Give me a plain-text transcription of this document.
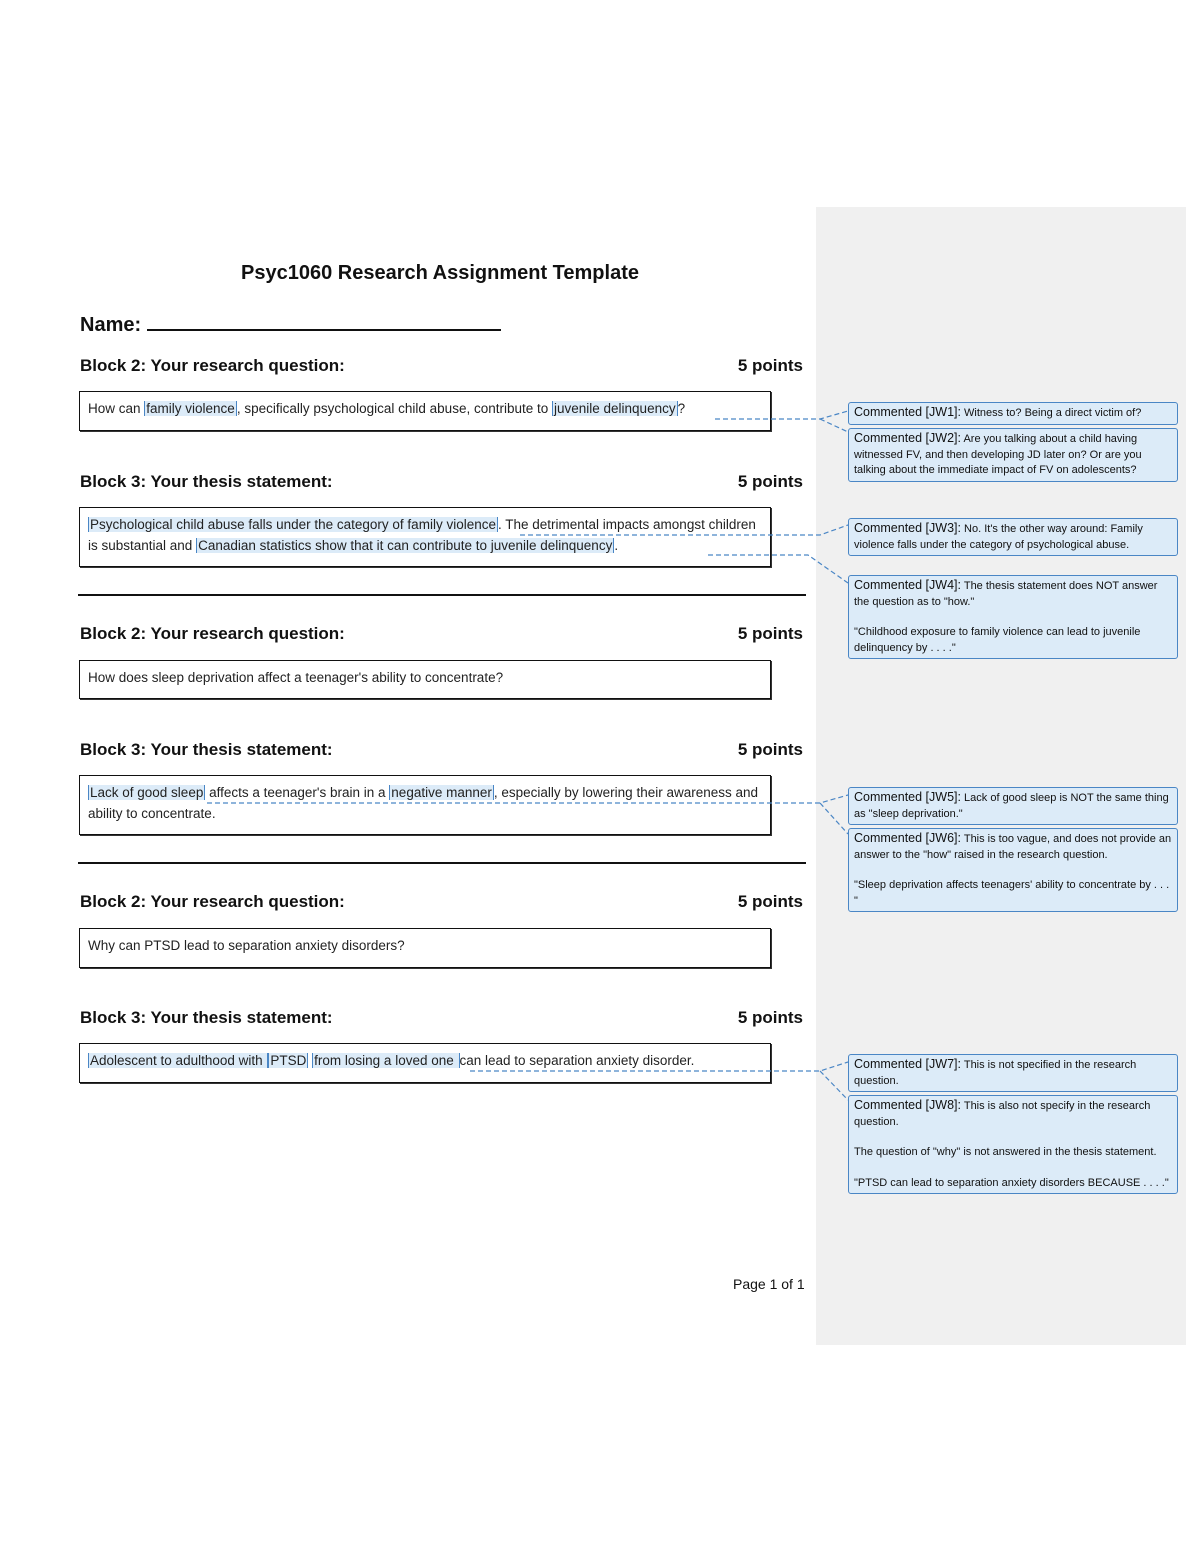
Psyc1060 Research Assignment Template
Name:
Block 2: Your research question:	5 points
How can family violence , specifically psychological child abuse, contribute to juvenile delinquency ?
Block 3: Your thesis statement:	5 points
Psychological child abuse falls under the category of family violence . The detrimental impacts amongst children is substantial and Canadian statistics show that it can contribute to juvenile delinquency .
Block 2: Your research question:	5 points
How does sleep deprivation affect a teenager's ability to concentrate?
Block 3: Your thesis statement:	5 points
Lack of good sleep affects a teenager's brain in a negative manner , especially by lowering their awareness and ability to concentrate.
Block 2: Your research question:	5 points
Why can PTSD lead to separation anxiety disorders?
Block 3: Your thesis statement:	5 points
Adolescent to adulthood with PTSD from losing a loved one can lead to separation anxiety disorder.
Page 1 of 1

Commented [JW1]: Witness to? Being a direct victim of?

Commented [JW2]: Are you talking about a child having witnessed FV, and then developing JD later on? Or are you talking about the immediate impact of FV on adolescents?

Commented [JW3]: No. It's the other way around: Family violence falls under the category of psychological abuse.

Commented [JW4]: The thesis statement does NOT answer the question as to "how."

"Childhood exposure to family violence can lead to juvenile delinquency by . . . ."

Commented [JW5]: Lack of good sleep is NOT the same thing as "sleep deprivation."

Commented [JW6]: This is too vague, and does not provide an answer to the "how" raised in the research question.

"Sleep deprivation affects teenagers' ability to concentrate by . . . "

Commented [JW7]: This is not specified in the research question.

Commented [JW8]: This is also not specify in the research question.

The question of "why" is not answered in the thesis statement.

"PTSD can lead to separation anxiety disorders BECAUSE . . . ."
